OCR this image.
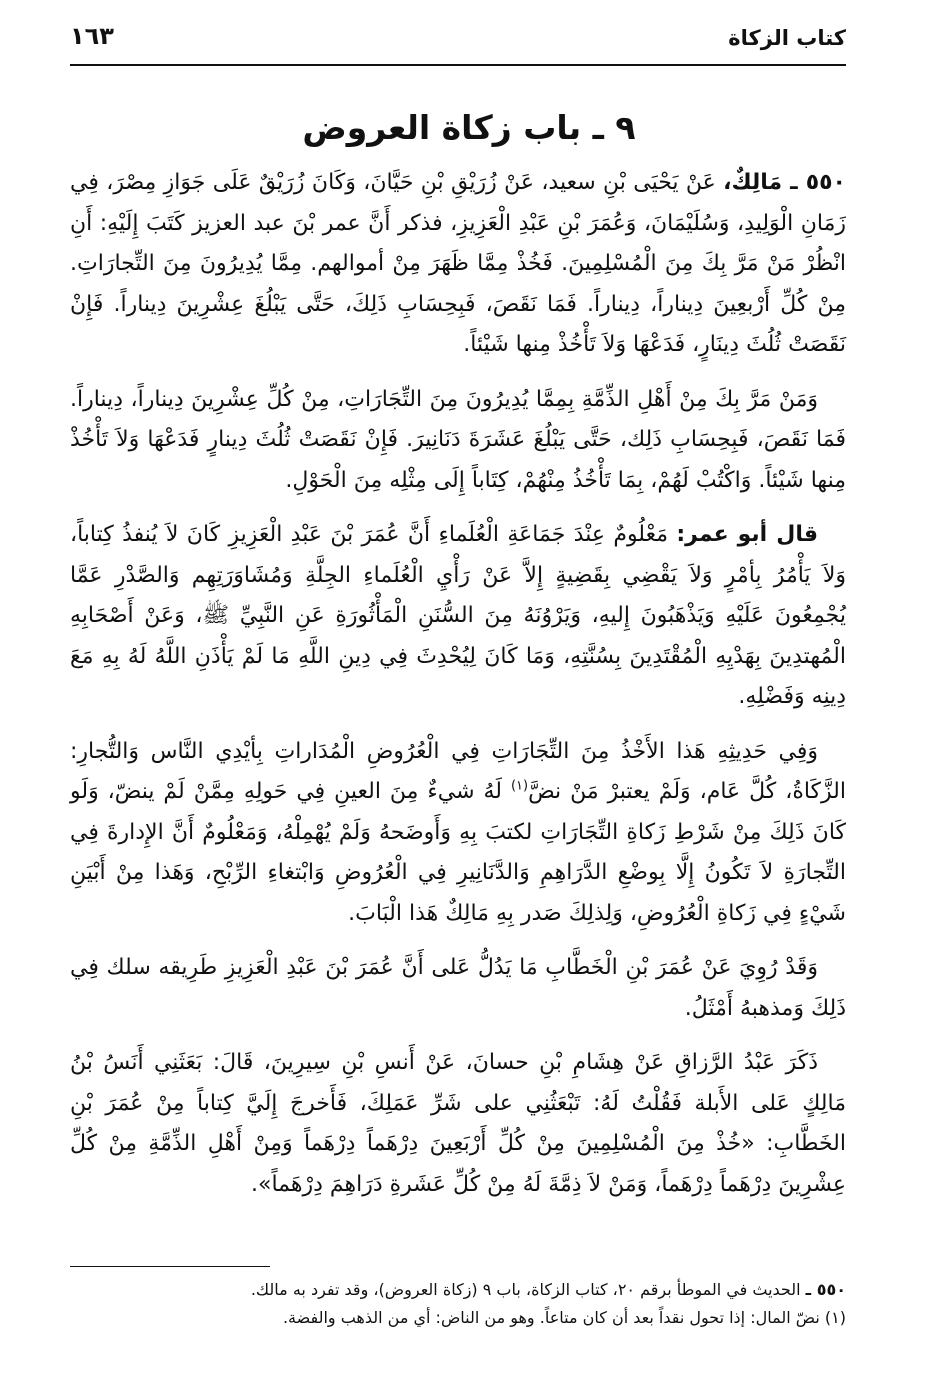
كتاب الزكاة
١٦٣
٩ ـ باب زكاة العروض

٥٥٠ ـ مَالِكٌ، عَنْ يَحْيَى بْنِ سعيد، عَنْ زُرَيْقِ بْنِ حَيَّانَ، وَكَانَ زُرَيْقٌ عَلَى جَوَازِ مِصْرَ، فِي زَمَانِ الْوَلِيدِ، وَسُلَيْمَانَ، وَعُمَرَ بْنِ عَبْدِ الْعَزِيزِ، فذكر أَنَّ عمر بْنَ عبد العزيز كَتَبَ إِلَيْهِ: أَنِ انْظُرْ مَنْ مَرَّ بِكَ مِنَ الْمُسْلِمِينَ. فَخُذْ مِمَّا ظَهَرَ مِنْ أموالهم. مِمَّا يُدِيرُونَ مِنَ التِّجارَاتِ. مِنْ كُلِّ أَرْبعِينَ دِيناراً، دِيناراً. فَمَا نَقَصَ، فَبِحِسَابِ ذَلِكَ، حَتَّى يَبْلُغَ عِشْرِينَ دِيناراً. فَإِنْ نَقَصَتْ ثُلُثَ دِينَارٍ، فَدَعْهَا وَلاَ تَأْخُذْ مِنها شَيْئاً.

وَمَنْ مَرَّ بِكَ مِنْ أَهْلِ الذِّمَّةِ بِمِمَّا يُدِيرُونَ مِنَ التِّجَارَاتِ، مِنْ كُلِّ عِشْرِينَ دِيناراً، دِيناراً. فَمَا نَقَصَ، فَبِحِسَابِ ذَلِك، حَتَّى يَبْلُغَ عَشَرَةَ دَنَانِيرَ. فَإِنْ نَقَصَتْ ثُلُثَ دِينارٍ فَدَعْهَا وَلاَ تَأْخُذْ مِنها شَيْئاً. وَاكْتُبْ لَهُمْ، بِمَا تَأْخُذُ مِنْهُمْ، كِتَاباً إِلَى مِثْلِه مِنَ الْحَوْلِ.

قال أبو عمر: مَعْلُومٌ عِنْدَ جَمَاعَةِ الْعُلَماءِ أَنَّ عُمَرَ بْنَ عَبْدِ الْعَزِيزِ كَانَ لاَ يُنفذُ كِتاباً، وَلاَ يَأْمُرُ بِأمْرٍ وَلاَ يَقْضِي بِقَضِيةٍ إِلاَّ عَنْ رَأْيِ الْعُلَماءِ الجِلَّةِ وَمُشَاوَرَتِهِم وَالصَّدْرِ عَمَّا يُجْمِعُونَ عَلَيْهِ وَيَذْهَبُونَ إِليهِ، وَيَرْوُنَهُ مِنَ السُّنَنِ الْمَأْثُورَةِ عَنِ النَّبِيِّ ﷺ، وَعَنْ أَصْحَابِهِ الْمُهتدِينَ بِهَدْيِهِ الْمُقْتَدِينَ بِسُنَّتِهِ، وَمَا كَانَ لِيُحْدِثَ فِي دِينِ اللَّهِ مَا لَمْ يَأْذَنِ اللَّهُ لَهُ بِهِ مَعَ دِينِه وَفَضْلِهِ.

وَفِي حَدِيثِهِ هَذا الأَخْذُ مِنَ التِّجَارَاتِ فِي الْعُرُوضِ الْمُدَاراتِ بِأيْدِي النَّاس وَالتُّجارِ: الزَّكَاةُ، كُلَّ عَام، وَلَمْ يعتبرْ مَنْ نضَّ$^{(١)}$ لَهُ شيءٌ مِنَ العينِ فِي حَولِهِ مِمَّنْ لَمْ ينضّ، وَلَو كَانَ ذَلِكَ مِنْ شَرْطِ زَكاةِ التِّجَارَاتِ لكتبَ بِهِ وَأَوضَحهُ وَلَمْ يُهْمِلْهُ، وَمَعْلُومٌ أَنَّ الإِدارةَ فِي التِّجارَةِ لاَ تَكُونُ إِلَّا بِوضْعِ الدَّرَاهِمِ وَالدَّنَانِيرِ فِي الْعُرُوضِ وَابْتغاءِ الرِّبْحِ، وَهَذا مِنْ أَبْيَنِ شَيْءٍ فِي زَكاةِ الْعُرُوضِ، وَلِذلِكَ صَدر بِهِ مَالِكٌ هَذا الْبَابَ.

وَقَدْ رُوِيَ عَنْ عُمَرَ بْنِ الْخَطَّابِ مَا يَدُلُّ عَلى أَنَّ عُمَرَ بْنَ عَبْدِ الْعَزِيزِ طَرِيقه سلك فِي ذَلِكَ وَمذهبهُ أَمْثَلُ.

ذَكَرَ عَبْدُ الرَّزاقِ عَنْ هِشَامِ بْنِ حسانَ، عَنْ أَنسِ بْنِ سِيرِينَ، قَالَ: بَعَثَنِي أَنَسُ بْنُ مَالِكٍ عَلى الأَبلة فَقُلْتُ لَهُ: تَبْعَثُنِي على شَرِّ عَمَلِكَ، فَأَخرجَ إِلَيَّ كِتاباً مِنْ عُمَرَ بْنِ الخَطَّابِ: «خُذْ مِنَ الْمُسْلِمِينَ مِنْ كُلِّ أَرْبَعِينَ دِرْهَماً دِرْهَماً وَمِنْ أَهْلِ الذِّمَّةِ مِنْ كُلِّ عِشْرِينَ دِرْهَماً دِرْهَماً، وَمَنْ لاَ ذِمَّةَ لَهُ مِنْ كُلِّ عَشَرةِ دَرَاهِمَ دِرْهَماً».

٥٥٠ ـ الحديث في الموطأ برقم ٢٠، كتاب الزكاة، باب ٩ (زكاة العروض)، وقد تفرد به مالك.
(١) نضّ المال: إذا تحول نقداً بعد أن كان متاعاً. وهو من الناض: أي من الذهب والفضة.
